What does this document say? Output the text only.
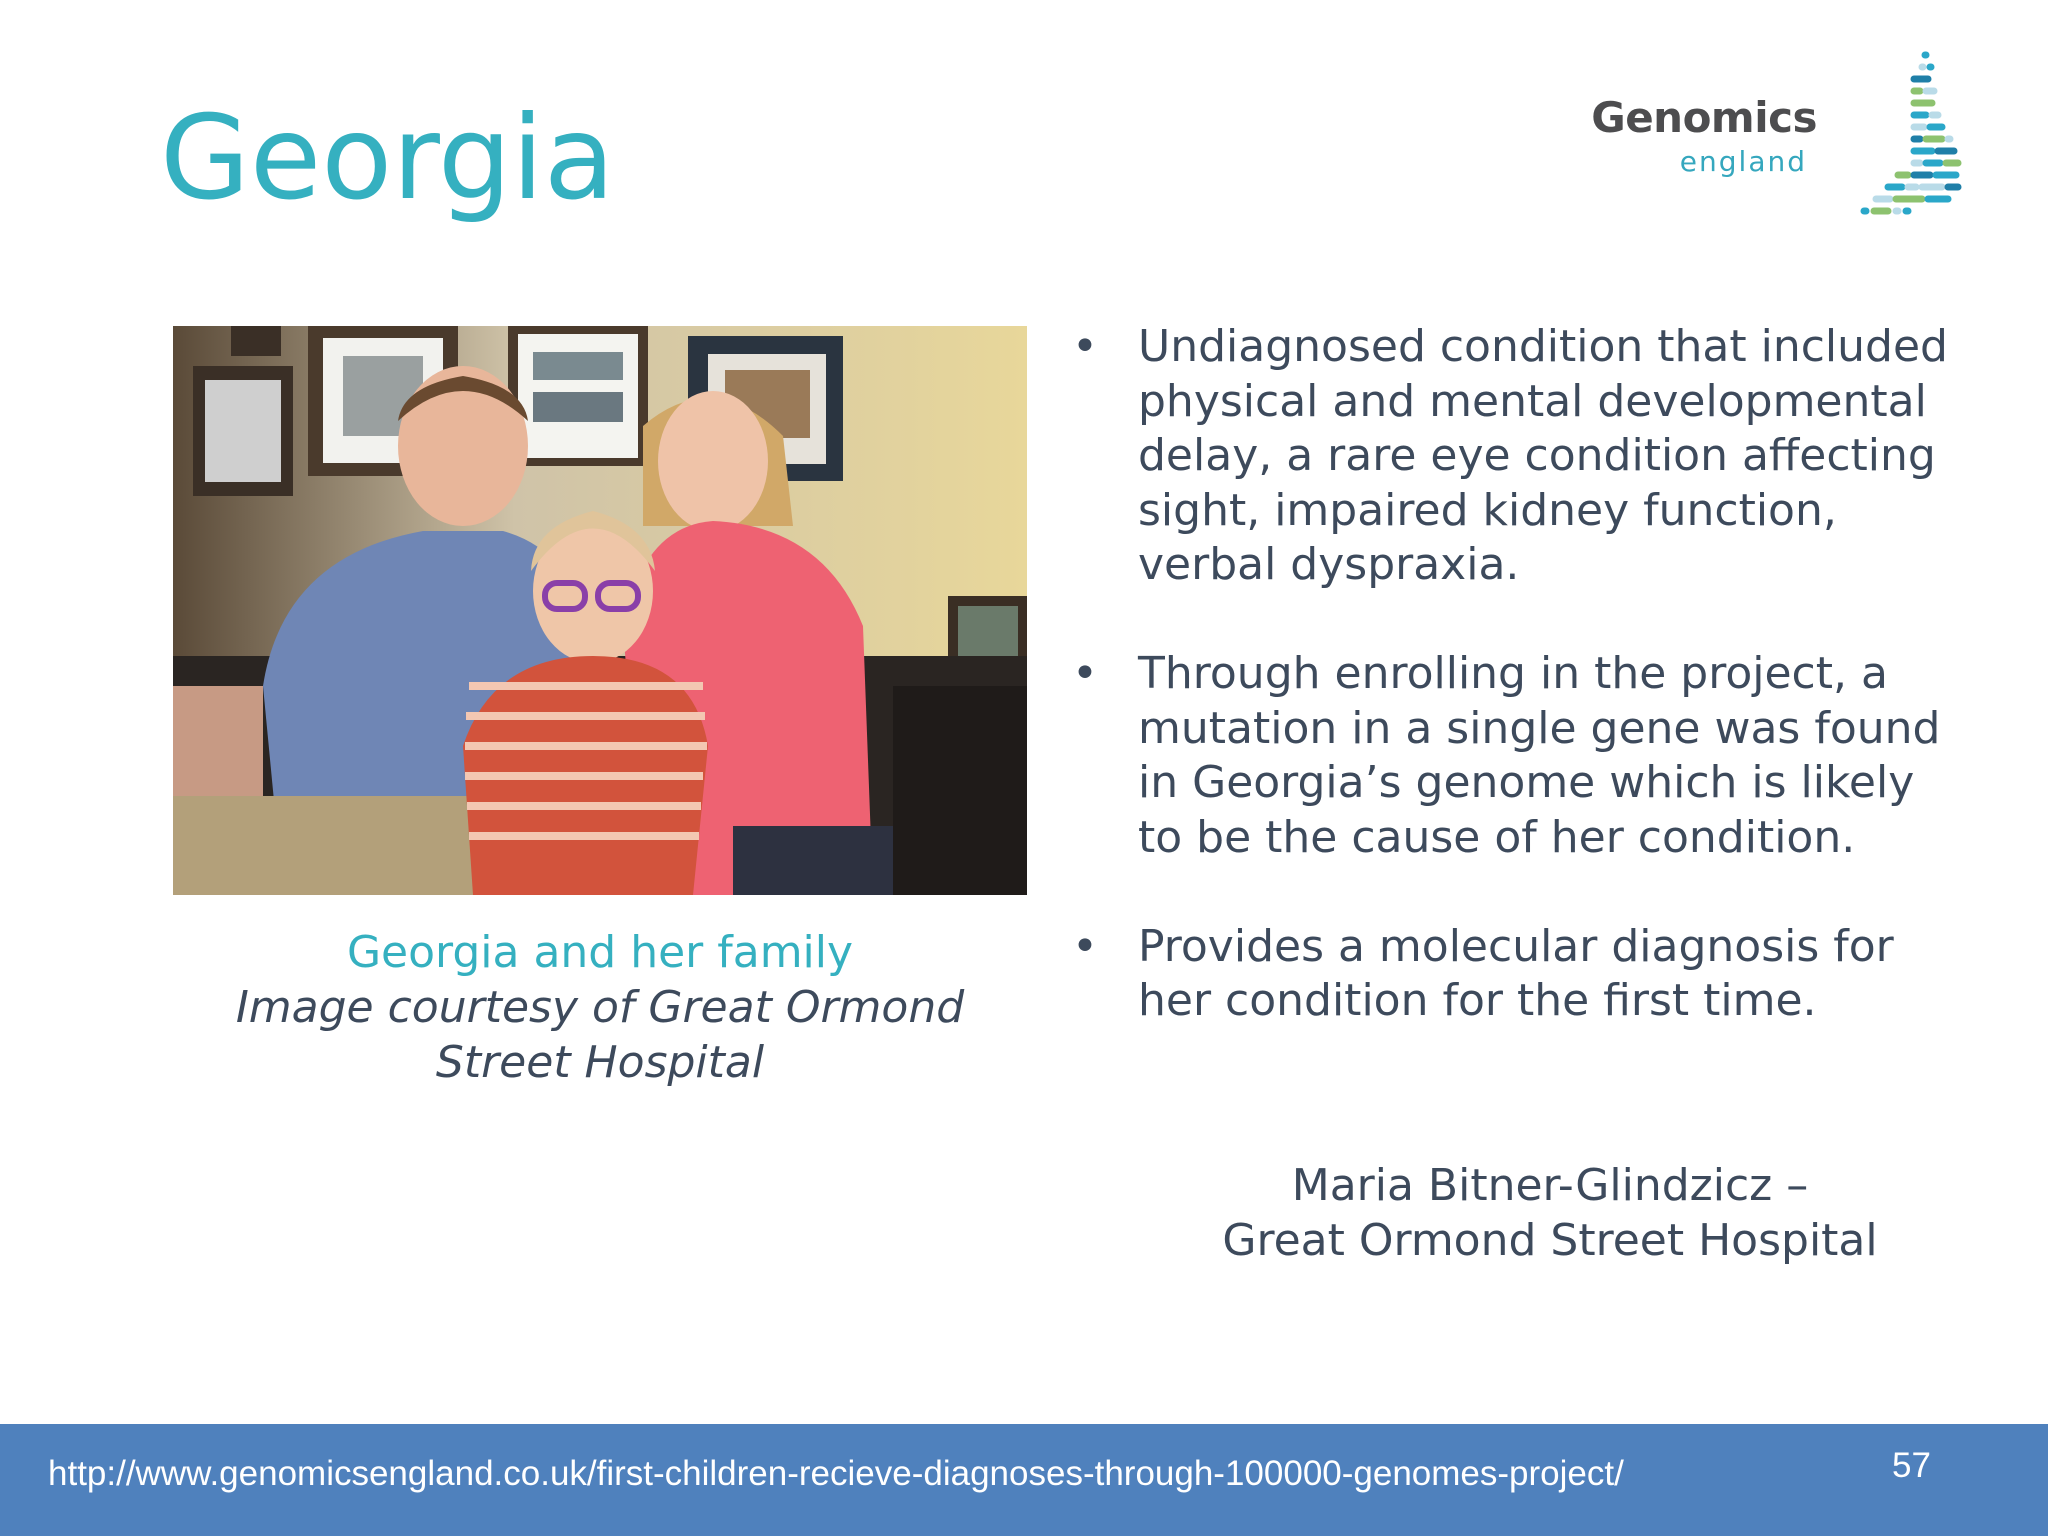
Georgia	Genomics
england
Georgia and her family
Image courtesy of Great Ormond
Street Hospital
• Undiagnosed condition that included physical and mental developmental delay, a rare eye condition affecting sight, impaired kidney function, verbal dyspraxia.
• Through enrolling in the project, a mutation in a single gene was found in Georgia’s genome which is likely to be the cause of her condition.
• Provides a molecular diagnosis for her condition for the first time.
Maria Bitner-Glindzicz –
Great Ormond Street Hospital
http://www.genomicsengland.co.uk/first-children-recieve-diagnoses-through-100000-genomes-project/	57
